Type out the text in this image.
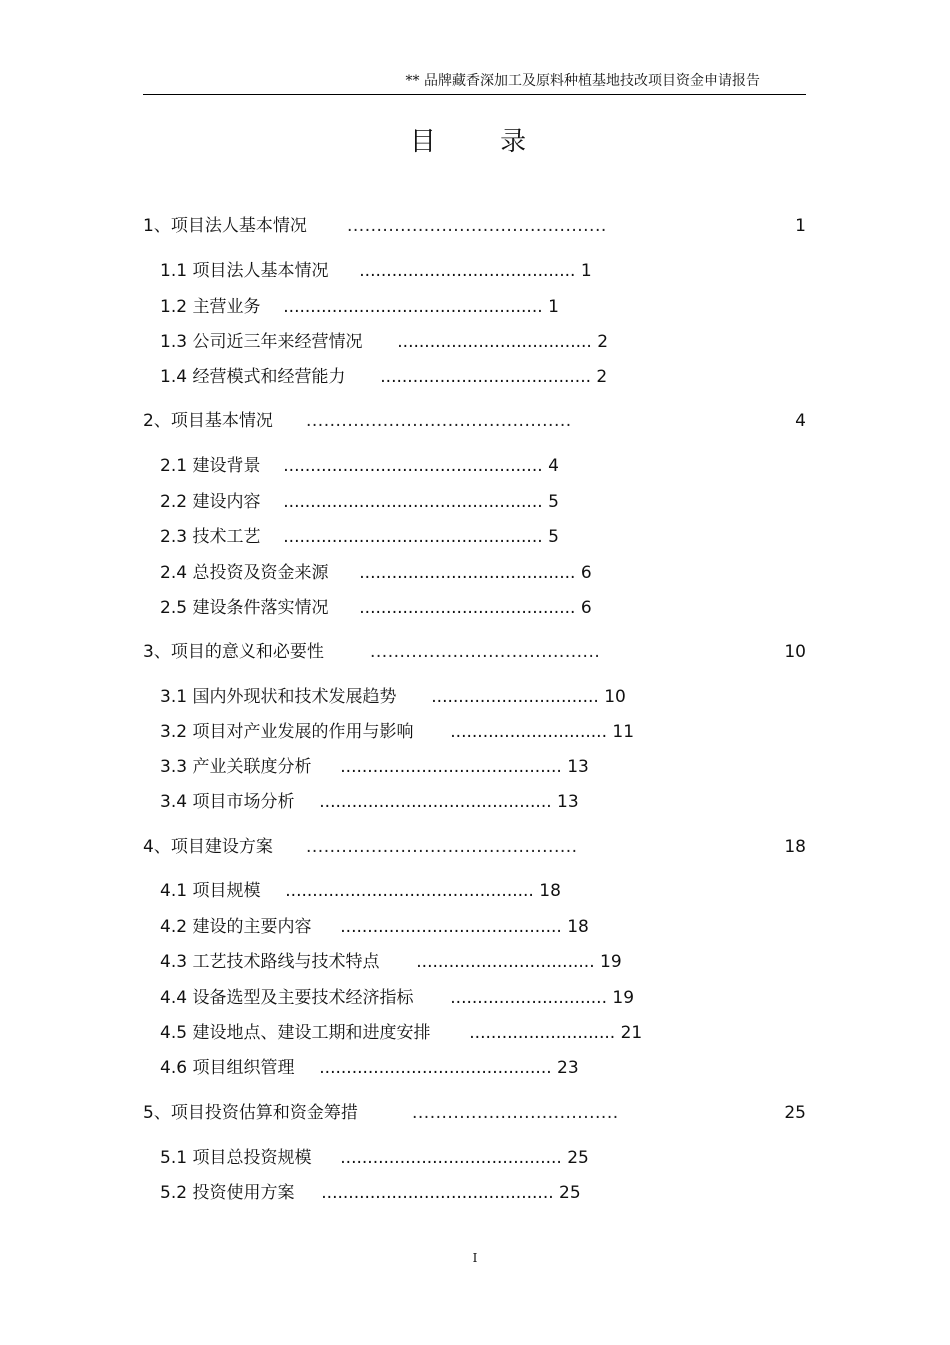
** 品牌藏香深加工及原料种植基地技改项目资金申请报告
目 录
1、项目法人基本情况 ............................................	1
1.1 项目法人基本情况 ........................................ 1
1.2 主营业务 ................................................ 1
1.3 公司近三年来经营情况 .................................... 2
1.4 经营模式和经营能力 ....................................... 2
2、项目基本情况 .............................................	4
2.1 建设背景 ................................................ 4
2.2 建设内容 ................................................ 5
2.3 技术工艺 ................................................ 5
2.4 总投资及资金来源 ........................................ 6
2.5 建设条件落实情况 ........................................ 6
3、项目的意义和必要性	.......................................	10
3.1 国内外现状和技术发展趋势 ............................... 10
3.2 项目对产业发展的作用与影响 ............................. 11
3.3 产业关联度分析 ......................................... 13
3.4 项目市场分析 ........................................... 13
4、项目建设方案 ..............................................	18
4.1 项目规模 .............................................. 18
4.2 建设的主要内容 ......................................... 18
4.3 工艺技术路线与技术特点 ................................. 19
4.4 设备选型及主要技术经济指标 ............................. 19
4.5 建设地点、建设工期和进度安排 ........................... 21
4.6 项目组织管理 ........................................... 23
5、项目投资估算和资金筹措	...................................	25
5.1 项目总投资规模 ......................................... 25
5.2 投资使用方案 ........................................... 25
I
